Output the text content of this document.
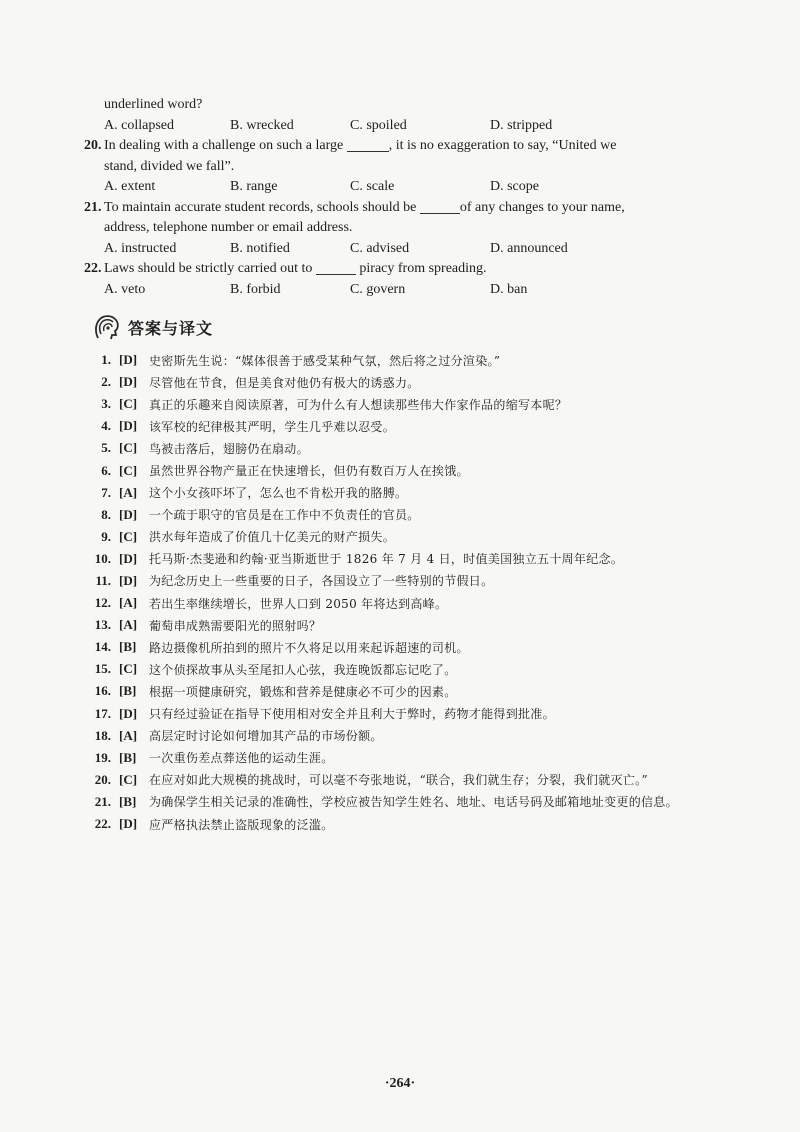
underlined word?
A. collapsed	B. wrecked	C. spoiled	D. stripped
20. In dealing with a challenge on such a large	, it is no exaggeration to say, “United we
stand, divided we fall”.
A. extent	B. range	C. scale	D. scope
21. To maintain accurate student records, schools should be	of any changes to your name,
address, telephone number or email address.
A. instructed	B. notified	C. advised	D. announced
22. Laws should be strictly carried out to	piracy from spreading.
A. veto	B. forbid	C. govern	D. ban
答案与译文
1. [D] 史密斯先生说：“媒体很善于感受某种气氛，然后将之过分渲染。”
2. [D] 尽管他在节食，但是美食对他仍有极大的诱惑力。
3. [C] 真正的乐趣来自阅读原著，可为什么有人想读那些伟大作家作品的缩写本呢？
4. [D] 该军校的纪律极其严明，学生几乎难以忍受。
5. [C] 鸟被击落后，翅膀仍在扇动。
6. [C] 虽然世界谷物产量正在快速增长，但仍有数百万人在挨饿。
7. [A] 这个小女孩吓坏了，怎么也不肯松开我的胳膊。
8. [D] 一个疏于职守的官员是在工作中不负责任的官员。
9. [C] 洪水每年造成了价值几十亿美元的财产损失。
10. [D] 托马斯·杰斐逊和约翰·亚当斯逝世于 1826 年 7 月 4 日，时值美国独立五十周年纪念。
11. [D] 为纪念历史上一些重要的日子，各国设立了一些特别的节假日。
12. [A] 若出生率继续增长，世界人口到 2050 年将达到高峰。
13. [A] 葡萄串成熟需要阳光的照射吗？
14. [B]	路边摄像机所拍到的照片不久将足以用来起诉超速的司机。
15. [C] 这个侦探故事从头至尾扣人心弦，我连晚饭都忘记吃了。
16. [B]	根据一项健康研究，锻炼和营养是健康必不可少的因素。
17. [D] 只有经过验证在指导下使用相对安全并且利大于弊时，药物才能得到批准。
18. [A] 高层定时讨论如何增加其产品的市场份额。
19. [B]	一次重伤差点葬送他的运动生涯。
20. [C] 在应对如此大规模的挑战时，可以毫不夸张地说，“联合，我们就生存；分裂，我们就灭亡。”
21. [B]	为确保学生相关记录的准确性，学校应被告知学生姓名、地址、电话号码及邮箱地址变更的信息。
22. [D] 应严格执法禁止盗版现象的泛滥。
·264·
